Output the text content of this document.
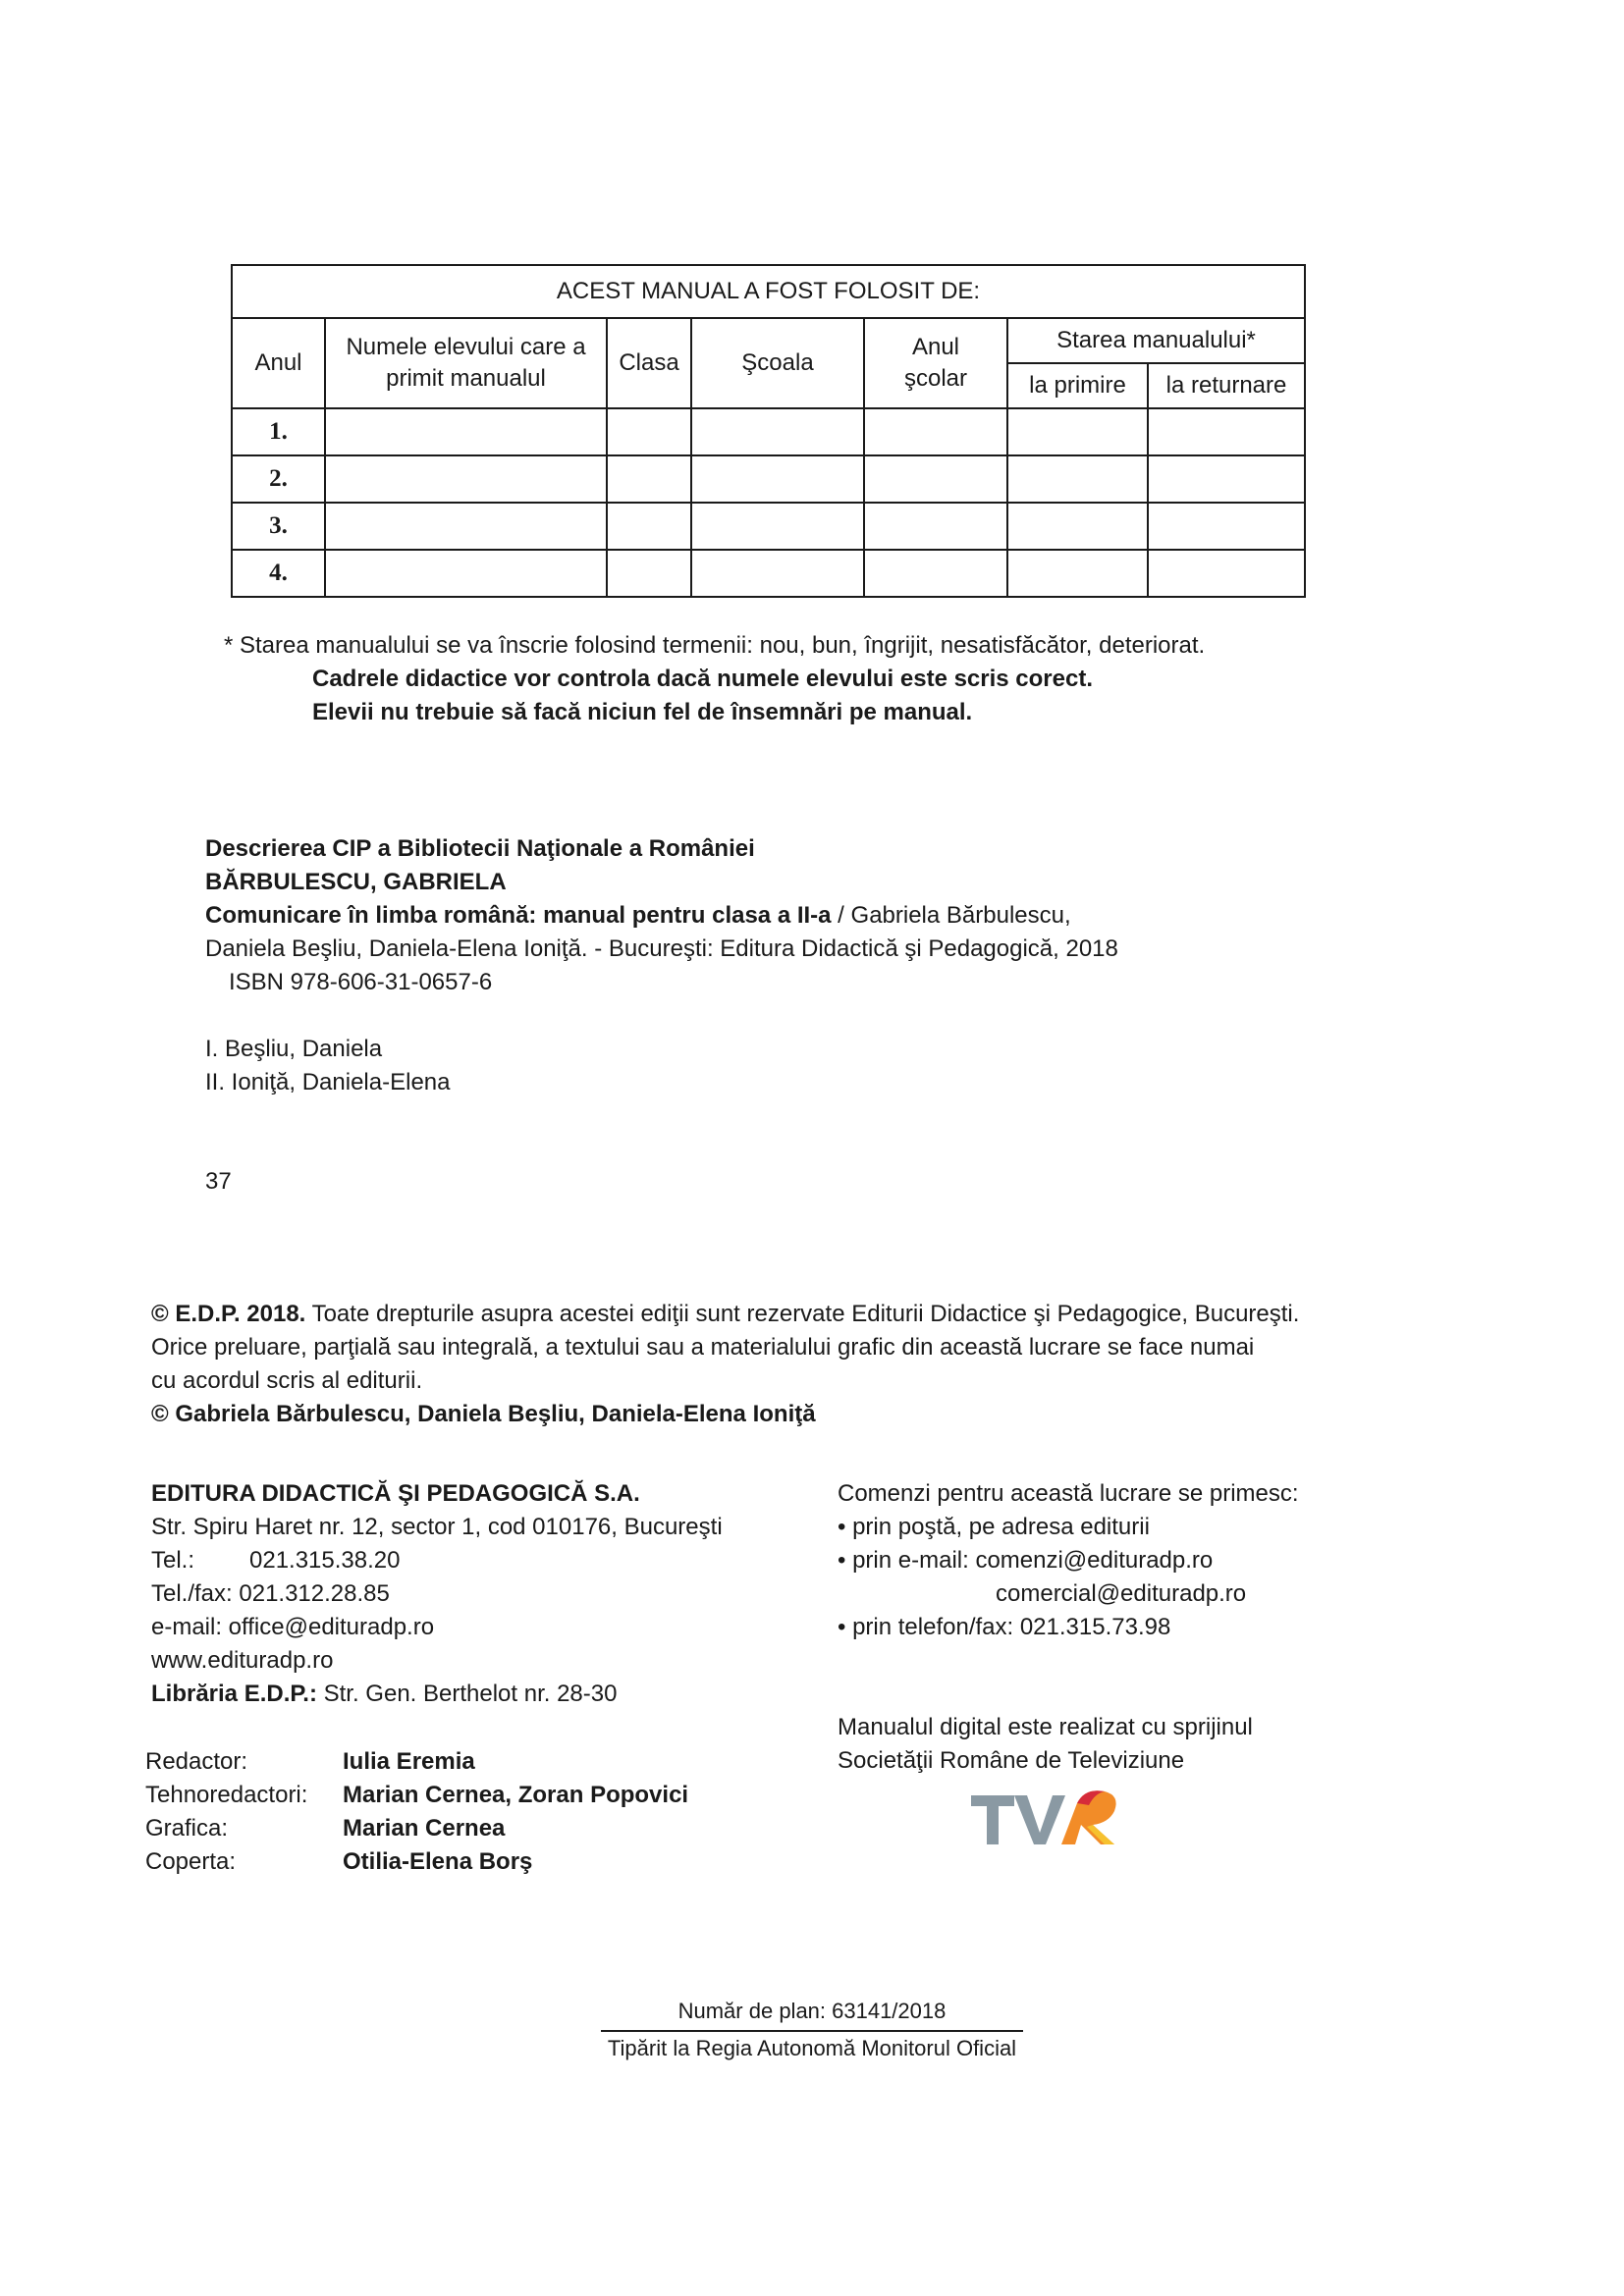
ACEST MANUAL A FOST FOLOSIT DE:						
Anul	Numele elevului care a primit manualul	Clasa	Şcoala	Anul şcolar	Starea manualului*	
					la primire	la returnare
1.						
2.						
3.						
4.						
* Starea manualului se va înscrie folosind termenii: nou, bun, îngrijit, nesatisfăcător, deteriorat.
Cadrele didactice vor controla dacă numele elevului este scris corect.
Elevii nu trebuie să facă niciun fel de însemnări pe manual.
Descrierea CIP a Bibliotecii Naţionale a României
BĂRBULESCU, GABRIELA
Comunicare în limba română: manual pentru clasa a II-a / Gabriela Bărbulescu,
Daniela Beşliu, Daniela-Elena Ioniţă. - Bucureşti: Editura Didactică şi Pedagogică, 2018
ISBN 978-606-31-0657-6
I. Beşliu, Daniela
II. Ioniţă, Daniela-Elena
37
© E.D.P. 2018. Toate drepturile asupra acestei ediţii sunt rezervate Editurii Didactice şi Pedagogice, Bucureşti.
Orice preluare, parţială sau integrală, a textului sau a materialului grafic din această lucrare se face numai
cu acordul scris al editurii.
© Gabriela Bărbulescu, Daniela Beşliu, Daniela-Elena Ioniţă
EDITURA DIDACTICĂ ŞI PEDAGOGICĂ S.A.
Str. Spiru Haret nr. 12, sector 1, cod 010176, Bucureşti
Tel.: 021.315.38.20
Tel./fax: 021.312.28.85
e-mail: office@edituradp.ro
www.edituradp.ro
Librăria E.D.P.: Str. Gen. Berthelot nr. 28-30
Comenzi pentru această lucrare se primesc:
• prin poştă, pe adresa editurii
• prin e-mail: comenzi@edituradp.ro
comercial@edituradp.ro
• prin telefon/fax: 021.315.73.98
Manualul digital este realizat cu sprijinul
Societăţii Române de Televiziune
Redactor:	Iulia Eremia
Tehnoredactori: Marian Cernea, Zoran Popovici
Grafica:	Marian Cernea
Coperta:	Otilia-Elena Borş
Număr de plan: 63141/2018
Tipărit la Regia Autonomă Monitorul Oficial
